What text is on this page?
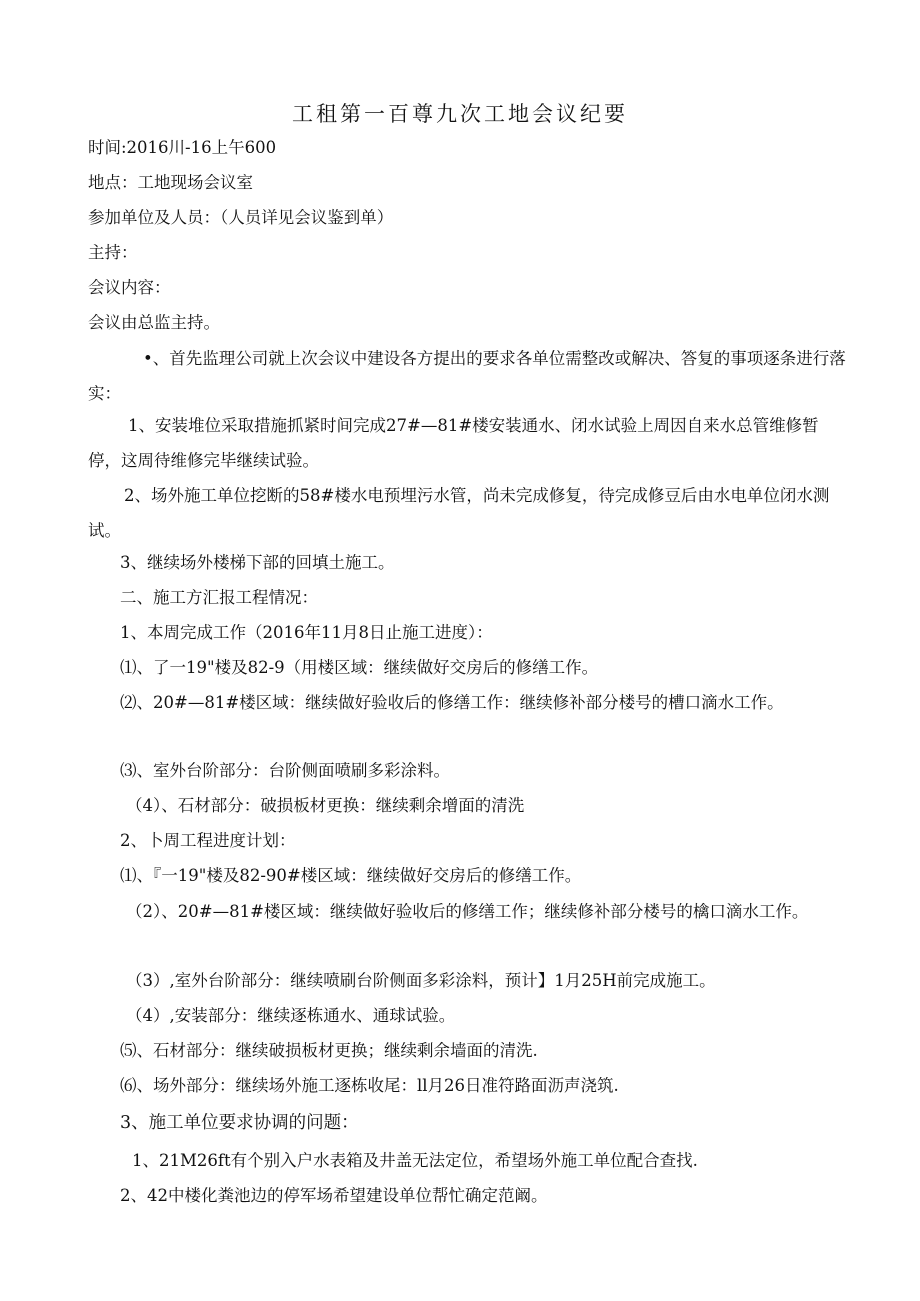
工租第一百尊九次工地会议纪要
时间:2016川-16上午600
地点：工地现场会议室
参加单位及人员：（人员详见会议鉴到单）
主持：
会议内容：
会议由总监主持。
•、首先监理公司就上次会议中建设各方提出的要求各单位需整改或解决、答复的事项逐条进行落实：
1、安装堆位采取措施抓紧时间完成27#—81#楼安装通水、闭水试验上周因自来水总管维修暂停，这周待维修完毕继续试验。
2、场外施工单位挖断的58#楼水电预埋污水管，尚未完成修复，待完成修豆后由水电单位闭水测试。
3、继续场外楼梯下部的回填土施工。
二、施工方汇报工程情况：
1、本周完成工作（2016年11月8日止施工进度）：
⑴、了一19"楼及82-9（用楼区域：继续做好交房后的修缮工作。
⑵、20#—81#楼区域：继续做好验收后的修缮工作：继续修补部分楼号的槽口滴水工作。
⑶、室外台阶部分：台阶侧面喷刷多彩涂料。
（4）、石材部分：破损板材更换：继续剩余增面的清洗
2、卜周工程进度计划：
⑴、『一19"楼及82-90#楼区域：继续做好交房后的修缮工作。
（2）、20#—81#楼区域：继续做好验收后的修缮工作；继续修补部分楼号的檎口滴水工作。
（3）,室外台阶部分：继续喷刷台阶侧面多彩涂料，预计】1月25H前完成施工。
（4）,安装部分：继续逐栋通水、通球试验。
⑸、石材部分：继续破损板材更换；继续剩余墙面的清洗.
⑹、场外部分：继续场外施工逐栋收尾：ll月26日准符路面沥声浇筑.
3、施工单位要求协调的问题：
1、21M26ft有个别入户水表箱及井盖无法定位，希望场外施工单位配合查找.
2、42中楼化粪池边的停军场希望建设单位帮忙确定范阚。
